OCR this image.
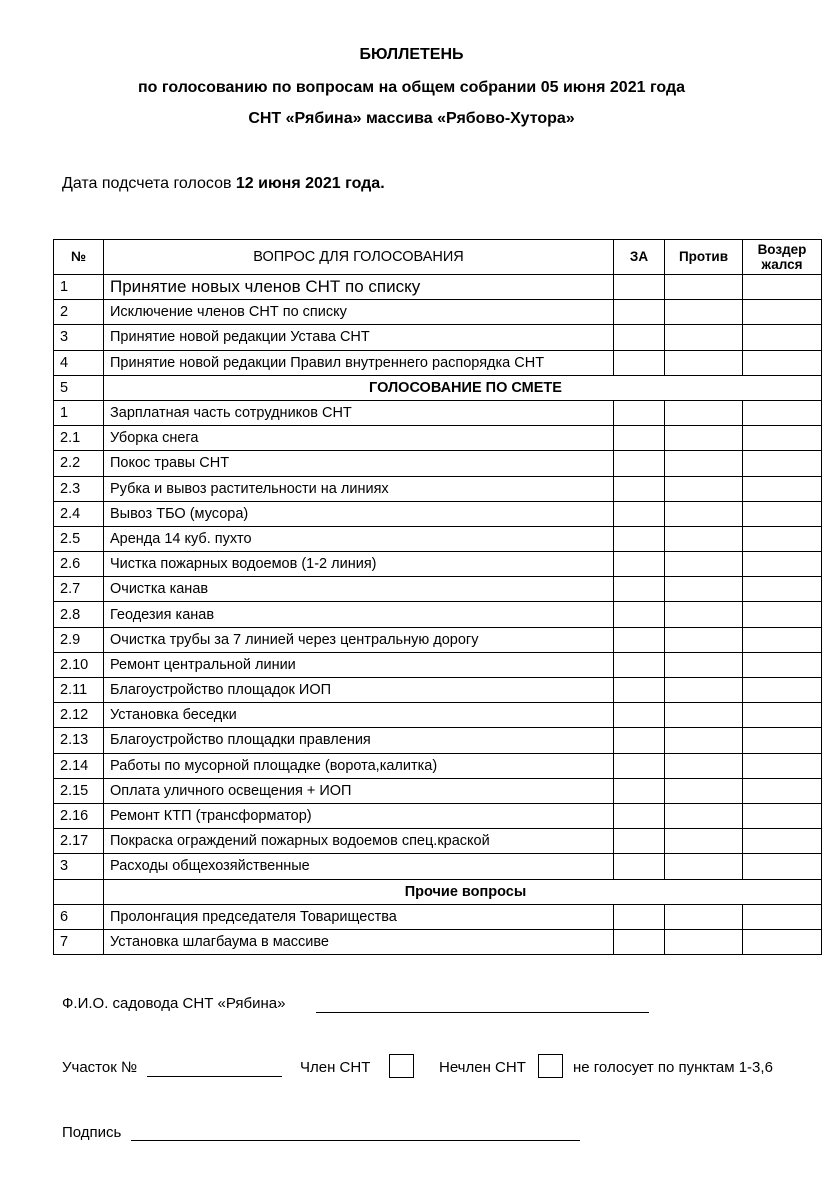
БЮЛЛЕТЕНЬ
по голосованию по вопросам на общем собрании 05 июня 2021 года
СНТ «Рябина» массива «Рябово-Хутора»
Дата подсчета голосов 12 июня 2021 года.
№	ВОПРОС ДЛЯ ГОЛОСОВАНИЯ	ЗА	Против	Воздер жался
1	Принятие новых членов СНТ по списку			
2	Исключение членов СНТ по списку			
3	Принятие новой редакции Устава СНТ			
4	Принятие новой редакции Правил внутреннего распорядка СНТ			
5	ГОЛОСОВАНИЕ ПО СМЕТЕ			
1	Зарплатная часть сотрудников СНТ			
2.1	Уборка снега			
2.2	Покос травы СНТ			
2.3	Рубка и вывоз растительности на линиях			
2.4	Вывоз ТБО (мусора)			
2.5	Аренда 14 куб. пухто			
2.6	Чистка пожарных водоемов (1-2 линия)			
2.7	Очистка канав			
2.8	Геодезия канав			
2.9	Очистка трубы за 7 линией через центральную дорогу			
2.10	Ремонт центральной линии			
2.11	Благоустройство площадок ИОП			
2.12	Установка беседки			
2.13	Благоустройство площадки правления			
2.14	Работы по мусорной площадке (ворота,калитка)			
2.15	Оплата уличного освещения + ИОП			
2.16	Ремонт КТП (трансформатор)			
2.17	Покраска ограждений пожарных водоемов спец.краской			
3	Расходы общехозяйственные			
	Прочие вопросы			
6	Пролонгация председателя Товарищества			
7	Установка шлагбаума в массиве			
Ф.И.О. садовода СНТ «Рябина»
Участок №	Член СНТ	Нечлен СНТ	не голосует по пунктам 1-3,6
Подпись
